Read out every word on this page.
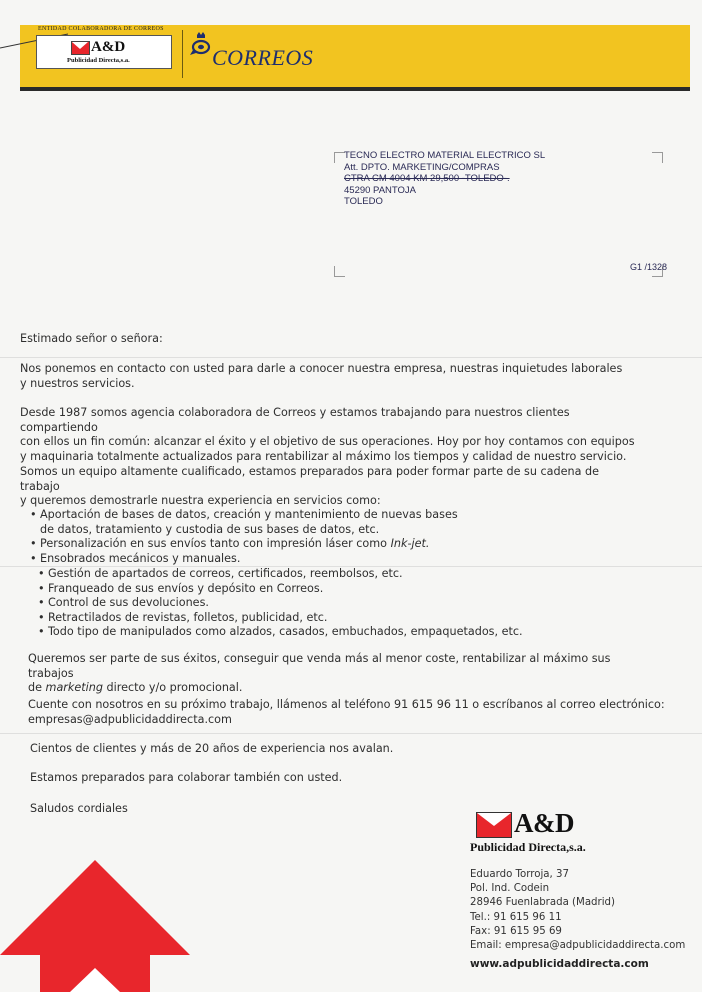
ENTIDAD COLABORADORA DE CORREOS
A&D
Publicidad Directa,s.a.	CORREOS
TECNO ELECTRO MATERIAL ELECTRICO SL
Att. DPTO. MARKETING/COMPRAS
CTRA CM 4004 KM 29,500 -TOLEDO-.
45290 PANTOJA
TOLEDO
G1 /1328
Estimado señor o señora:
Nos ponemos en contacto con usted para darle a conocer nuestra empresa, nuestras inquietudes laborales
y nuestros servicios.
Desde 1987 somos agencia colaboradora de Correos y estamos trabajando para nuestros clientes compartiendo
con ellos un fin común: alcanzar el éxito y el objetivo de sus operaciones. Hoy por hoy contamos con equipos
y maquinaria totalmente actualizados para rentabilizar al máximo los tiempos y calidad de nuestro servicio.
Somos un equipo altamente cualificado, estamos preparados para poder formar parte de su cadena de trabajo
y queremos demostrarle nuestra experiencia en servicios como:
• Aportación de bases de datos, creación y mantenimiento de nuevas bases
de datos, tratamiento y custodia de sus bases de datos, etc.
• Personalización en sus envíos tanto con impresión láser como Ink-jet.
• Ensobrados mecánicos y manuales.
• Gestión de apartados de correos, certificados, reembolsos, etc.
• Franqueado de sus envíos y depósito en Correos.
• Control de sus devoluciones.
• Retractilados de revistas, folletos, publicidad, etc.
• Todo tipo de manipulados como alzados, casados, embuchados, empaquetados, etc.
Queremos ser parte de sus éxitos, conseguir que venda más al menor coste, rentabilizar al máximo sus trabajos
de marketing directo y/o promocional.
Cuente con nosotros en su próximo trabajo, llámenos al teléfono 91 615 96 11 o escríbanos al correo electrónico:
empresas@adpublicidaddirecta.com
Cientos de clientes y más de 20 años de experiencia nos avalan.
Estamos preparados para colaborar también con usted.
Saludos cordiales	A&D
Publicidad Directa,s.a.
Eduardo Torroja, 37
Pol. Ind. Codein
28946 Fuenlabrada (Madrid)
Tel.: 91 615 96 11
Fax: 91 615 95 69
Email: empresa@adpublicidaddirecta.com
www.adpublicidaddirecta.com
